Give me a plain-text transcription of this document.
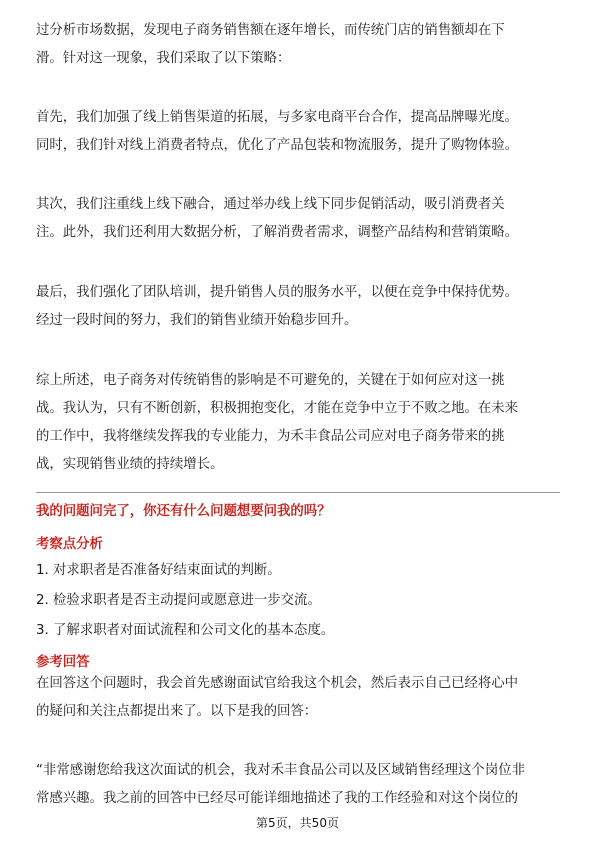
过分析市场数据，发现电子商务销售额在逐年增长，而传统门店的销售额却在下
滑。针对这一现象，我们采取了以下策略：
首先，我们加强了线上销售渠道的拓展，与多家电商平台合作，提高品牌曝光度。
同时，我们针对线上消费者特点，优化了产品包装和物流服务，提升了购物体验。
其次，我们注重线上线下融合，通过举办线上线下同步促销活动，吸引消费者关
注。此外，我们还利用大数据分析，了解消费者需求，调整产品结构和营销策略。
最后，我们强化了团队培训，提升销售人员的服务水平，以便在竞争中保持优势。
经过一段时间的努力，我们的销售业绩开始稳步回升。
综上所述，电子商务对传统销售的影响是不可避免的，关键在于如何应对这一挑
战。我认为，只有不断创新，积极拥抱变化，才能在竞争中立于不败之地。在未来
的工作中，我将继续发挥我的专业能力，为禾丰食品公司应对电子商务带来的挑
战，实现销售业绩的持续增长。
我的问题问完了，你还有什么问题想要问我的吗？
考察点分析
1. 对求职者是否准备好结束面试的判断。
2. 检验求职者是否主动提问或愿意进一步交流。
3. 了解求职者对面试流程和公司文化的基本态度。
参考回答
在回答这个问题时，我会首先感谢面试官给我这个机会，然后表示自己已经将心中
的疑问和关注点都提出来了。以下是我的回答：
“非常感谢您给我这次面试的机会，我对禾丰食品公司以及区域销售经理这个岗位非
常感兴趣。我之前的回答中已经尽可能详细地描述了我的工作经验和对这个岗位的
第5页，共50页
